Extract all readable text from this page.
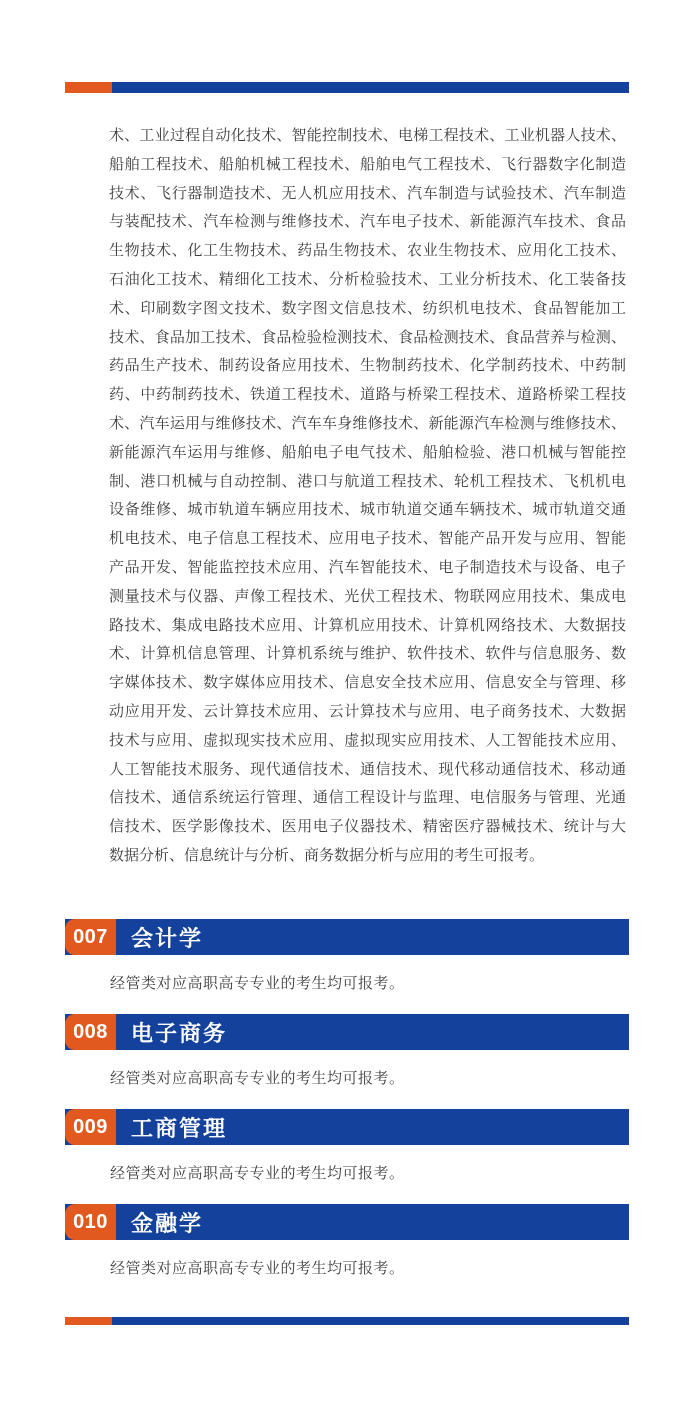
术、工业过程自动化技术、智能控制技术、电梯工程技术、工业机器人技术、
船舶工程技术、船舶机械工程技术、船舶电气工程技术、飞行器数字化制造
技术、飞行器制造技术、无人机应用技术、汽车制造与试验技术、汽车制造
与装配技术、汽车检测与维修技术、汽车电子技术、新能源汽车技术、食品
生物技术、化工生物技术、药品生物技术、农业生物技术、应用化工技术、
石油化工技术、精细化工技术、分析检验技术、工业分析技术、化工装备技
术、印刷数字图文技术、数字图文信息技术、纺织机电技术、食品智能加工
技术、食品加工技术、食品检验检测技术、食品检测技术、食品营养与检测、
药品生产技术、制药设备应用技术、生物制药技术、化学制药技术、中药制
药、中药制药技术、铁道工程技术、道路与桥梁工程技术、道路桥梁工程技
术、汽车运用与维修技术、汽车车身维修技术、新能源汽车检测与维修技术、
新能源汽车运用与维修、船舶电子电气技术、船舶检验、港口机械与智能控
制、港口机械与自动控制、港口与航道工程技术、轮机工程技术、飞机机电
设备维修、城市轨道车辆应用技术、城市轨道交通车辆技术、城市轨道交通
机电技术、电子信息工程技术、应用电子技术、智能产品开发与应用、智能
产品开发、智能监控技术应用、汽车智能技术、电子制造技术与设备、电子
测量技术与仪器、声像工程技术、光伏工程技术、物联网应用技术、集成电
路技术、集成电路技术应用、计算机应用技术、计算机网络技术、大数据技
术、计算机信息管理、计算机系统与维护、软件技术、软件与信息服务、数
字媒体技术、数字媒体应用技术、信息安全技术应用、信息安全与管理、移
动应用开发、云计算技术应用、云计算技术与应用、电子商务技术、大数据
技术与应用、虚拟现实技术应用、虚拟现实应用技术、人工智能技术应用、
人工智能技术服务、现代通信技术、通信技术、现代移动通信技术、移动通
信技术、通信系统运行管理、通信工程设计与监理、电信服务与管理、光通
信技术、医学影像技术、医用电子仪器技术、精密医疗器械技术、统计与大
数据分析、信息统计与分析、商务数据分析与应用的考生可报考。
007	会计学
经管类对应高职高专专业的考生均可报考。
008	电子商务
经管类对应高职高专专业的考生均可报考。
009	工商管理
经管类对应高职高专专业的考生均可报考。
010	金融学
经管类对应高职高专专业的考生均可报考。
